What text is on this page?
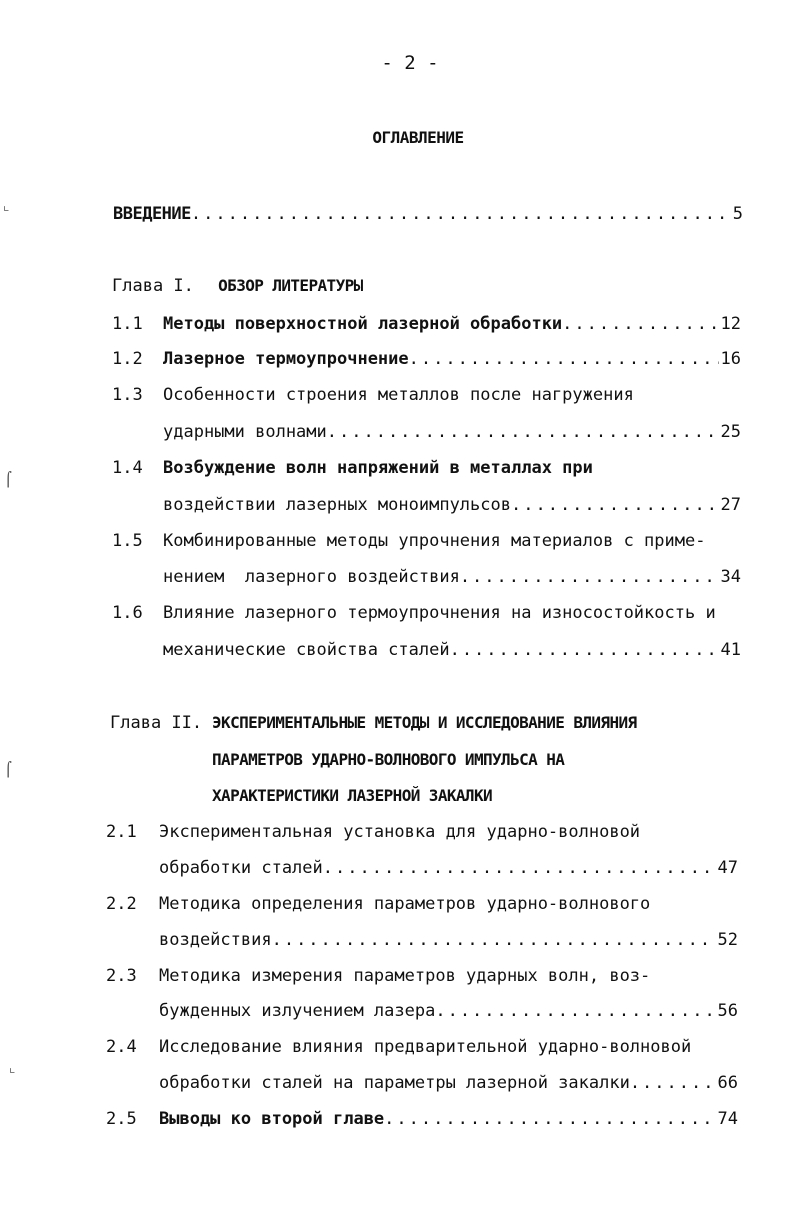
- 2 -
ОГЛАВЛЕНИЕ
ВВЕДЕНИЕ .....	5
Глава I. ОБЗОР ЛИТЕРАТУРЫ
1.1 Методы поверхностной лазерной обработки .....	12
1.2 Лазерное термоупрочнение .....	16
1.3 Особенности строения металлов после нагружения
ударными волнами .....	25
1.4 Возбуждение волн напряжений в металлах при
воздействии лазерных моноимпульсов .....	27
1.5 Комбинированные методы упрочнения материалов с приме-
нением  лазерного воздействия .....	34
1.6 Влияние лазерного термоупрочнения на износостойкость и
механические свойства сталей .....	41
Глава II. ЭКСПЕРИМЕНТАЛЬНЫЕ МЕТОДЫ И ИССЛЕДОВАНИЕ ВЛИЯНИЯ
ПАРАМЕТРОВ УДАРНО-ВОЛНОВОГО ИМПУЛЬСА НА
ХАРАКТЕРИСТИКИ ЛАЗЕРНОЙ ЗАКАЛКИ
2.1 Экспериментальная установка для ударно-волновой
обработки сталей .....	47
2.2 Методика определения параметров ударно-волнового
воздействия .....	52
2.3 Методика измерения параметров ударных волн, воз-
бужденных излучением лазера .....	56
2.4 Исследование влияния предварительной ударно-волновой
обработки сталей на параметры лазерной закалки .....	66
2.5 Выводы ко второй главе .....	74
⌞
⌠
⌠
⌞
